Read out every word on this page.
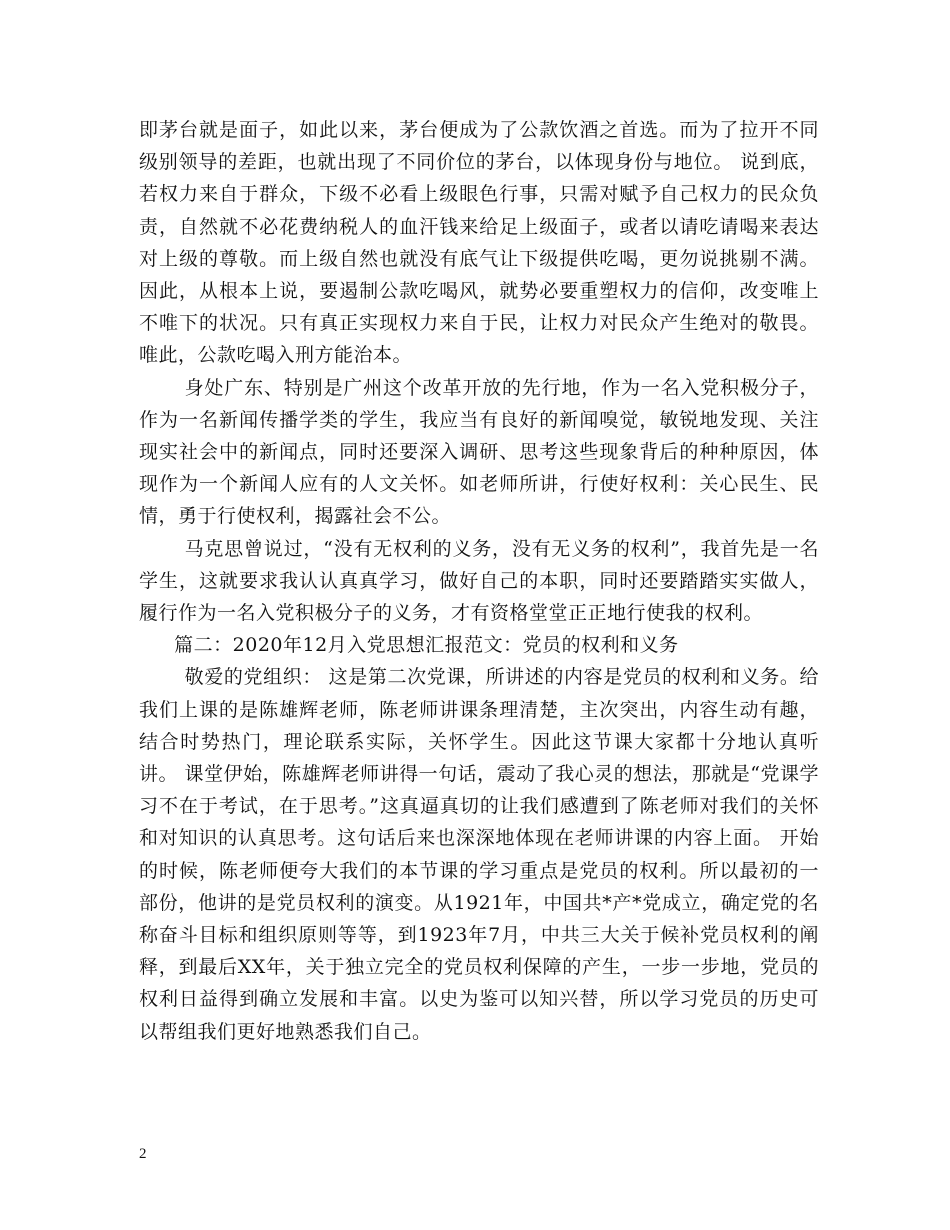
即茅台就是面子，如此以来，茅台便成为了公款饮酒之首选。而为了拉开不同级别领导的差距，也就出现了不同价位的茅台，以体现身份与地位。 说到底，若权力来自于群众，下级不必看上级眼色行事，只需对赋予自己权力的民众负责，自然就不必花费纳税人的血汗钱来给足上级面子，或者以请吃请喝来表达对上级的尊敬。而上级自然也就没有底气让下级提供吃喝，更勿说挑剔不满。因此，从根本上说，要遏制公款吃喝风，就势必要重塑权力的信仰，改变唯上不唯下的状况。只有真正实现权力来自于民，让权力对民众产生绝对的敬畏。唯此，公款吃喝入刑方能治本。

身处广东、特别是广州这个改革开放的先行地，作为一名入党积极分子，作为一名新闻传播学类的学生，我应当有良好的新闻嗅觉，敏锐地发现、关注现实社会中的新闻点，同时还要深入调研、思考这些现象背后的种种原因，体现作为一个新闻人应有的人文关怀。如老师所讲，行使好权利：关心民生、民情，勇于行使权利，揭露社会不公。

马克思曾说过，“没有无权利的义务，没有无义务的权利”，我首先是一名学生，这就要求我认认真真学习，做好自己的本职，同时还要踏踏实实做人，履行作为一名入党积极分子的义务，才有资格堂堂正正地行使我的权利。

篇二：2020年12月入党思想汇报范文：党员的权利和义务

敬爱的党组织： 这是第二次党课，所讲述的内容是党员的权利和义务。给我们上课的是陈雄辉老师，陈老师讲课条理清楚，主次突出，内容生动有趣，结合时势热门，理论联系实际，关怀学生。因此这节课大家都十分地认真听讲。 课堂伊始，陈雄辉老师讲得一句话，震动了我心灵的想法，那就是“党课学习不在于考试，在于思考。”这真逼真切的让我们感遭到了陈老师对我们的关怀和对知识的认真思考。这句话后来也深深地体现在老师讲课的内容上面。 开始的时候，陈老师便夸大我们的本节课的学习重点是党员的权利。所以最初的一部份，他讲的是党员权利的演变。从1921年，中国共*产*党成立，确定党的名称奋斗目标和组织原则等等，到1923年7月，中共三大关于候补党员权利的阐释，到最后XX年，关于独立完全的党员权利保障的产生，一步一步地，党员的权利日益得到确立发展和丰富。以史为鉴可以知兴替，所以学习党员的历史可以帮组我们更好地熟悉我们自己。

2
